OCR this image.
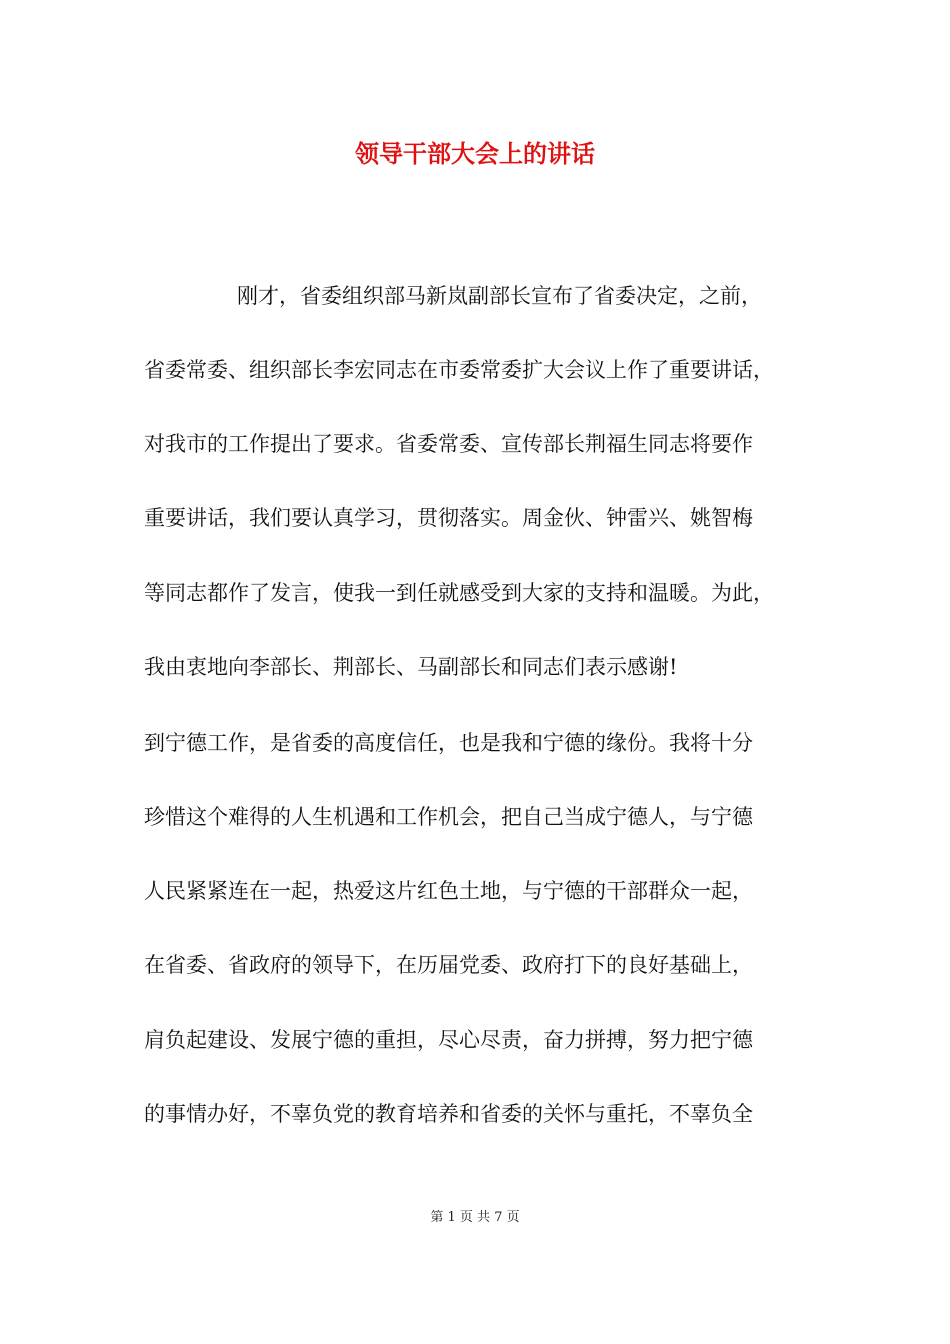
领导干部大会上的讲话
刚才，省委组织部马新岚副部长宣布了省委决定，之前，
省委常委、组织部长李宏同志在市委常委扩大会议上作了重要讲话，
对我市的工作提出了要求。省委常委、宣传部长荆福生同志将要作
重要讲话，我们要认真学习，贯彻落实。周金伙、钟雷兴、姚智梅
等同志都作了发言，使我一到任就感受到大家的支持和温暖。为此，
我由衷地向李部长、荆部长、马副部长和同志们表示感谢!
到宁德工作，是省委的高度信任，也是我和宁德的缘份。我将十分
珍惜这个难得的人生机遇和工作机会，把自己当成宁德人，与宁德
人民紧紧连在一起，热爱这片红色土地，与宁德的干部群众一起，
在省委、省政府的领导下，在历届党委、政府打下的良好基础上，
肩负起建设、发展宁德的重担，尽心尽责，奋力拼搏，努力把宁德
的事情办好，不辜负党的教育培养和省委的关怀与重托，不辜负全
第 1 页 共 7 页
